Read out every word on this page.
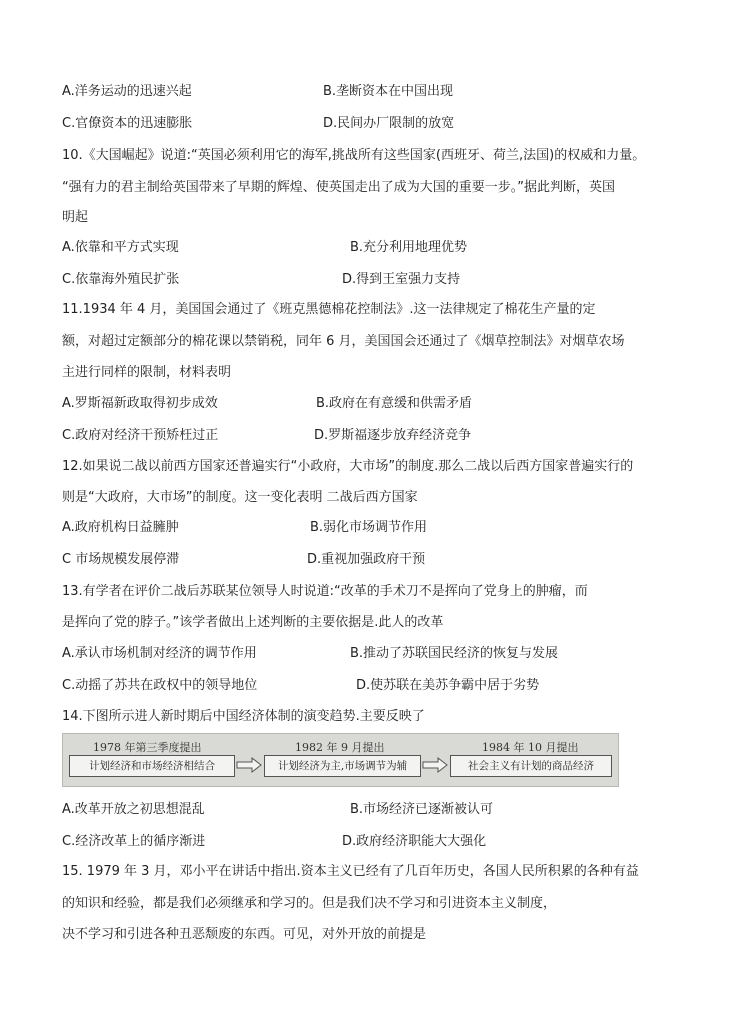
A.洋务运动的迅速兴起	B.垄断资本在中国出现
C.官僚资本的迅速膨胀	D.民间办厂限制的放宽
10.《大国崛起》说道:“英国必须利用它的海军,挑战所有这些国家(西班牙、荷兰,法国)的权威和力量。
“强有力的君主制给英国带来了早期的辉煌、使英国走出了成为大国的重要一步。”据此判断，英国
明起
A.依靠和平方式实现	B.充分利用地理优势
C.依靠海外殖民扩张	D.得到王室强力支持
11.1934 年 4 月，美国国会通过了《班克黑德棉花控制法》.这一法律规定了棉花生产量的定
额，对超过定额部分的棉花课以禁销税，同年 6 月，美国国会还通过了《烟草控制法》对烟草农场
主进行同样的限制，材料表明
A.罗斯福新政取得初步成效	B.政府在有意缓和供需矛盾
C.政府对经济干预矫枉过正	D.罗斯福逐步放弃经济竞争
12.如果说二战以前西方国家还普遍实行“小政府，大市场”的制度.那么二战以后西方国家普遍实行的
则是“大政府，大市场”的制度。这一变化表明 二战后西方国家
A.政府机构日益臃肿	B.弱化市场调节作用
C 市场规模发展停滞	D.重视加强政府干预
13.有学者在评价二战后苏联某位领导人时说道:“改革的手术刀不是挥向了党身上的肿瘤，而
是挥向了党的脖子。”该学者做出上述判断的主要依据是.此人的改革
A.承认市场机制对经济的调节作用	B.推动了苏联国民经济的恢复与发展
C.动摇了苏共在政权中的领导地位	D.使苏联在美苏争霸中居于劣势
14.下图所示进人新时期后中国经济体制的演变趋势.主要反映了
1978 年第三季度提出
计划经济和市场经济相结合
1982 年 9 月提出
计划经济为主,市场调节为辅
1984 年 10 月提出
社会主义有计划的商品经济
A.改革开放之初思想混乱	B.市场经济已逐渐被认可
C.经济改革上的循序渐进	D.政府经济职能大大强化
15. 1979 年 3 月，邓小平在讲话中指出.资本主义已经有了几百年历史，各国人民所积累的各种有益
的知识和经验，都是我们必须继承和学习的。但是我们决不学习和引进资本主义制度，
决不学习和引进各种丑恶颓废的东西。可见，对外开放的前提是
